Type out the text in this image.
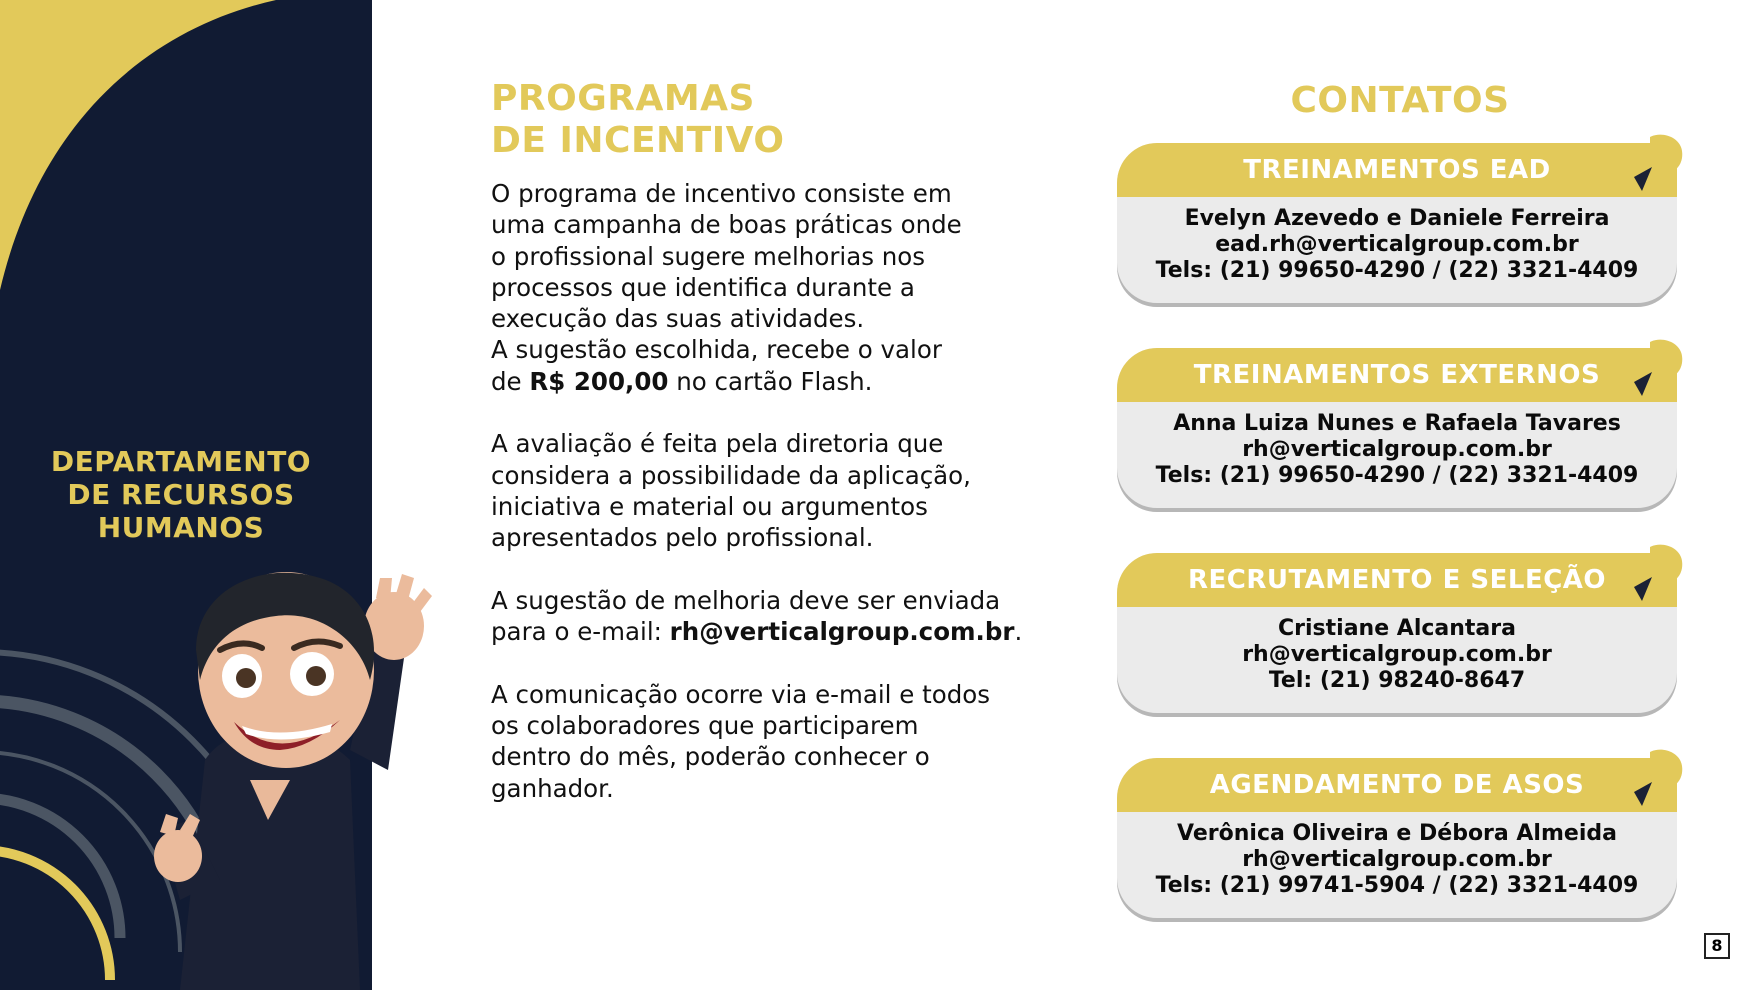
DEPARTAMENTO
DE RECURSOS
HUMANOS
PROGRAMAS
DE INCENTIVO
O programa de incentivo consiste em
uma campanha de boas práticas onde
o profissional sugere melhorias nos
processos que identifica durante a
execução das suas atividades.
A sugestão escolhida, recebe o valor
de R$ 200,00 no cartão Flash.
A avaliação é feita pela diretoria que
considera a possibilidade da aplicação,
iniciativa e material ou argumentos
apresentados pelo profissional.
A sugestão de melhoria deve ser enviada
para o e-mail: rh@verticalgroup.com.br.
A comunicação ocorre via e-mail e todos
os colaboradores que participarem
dentro do mês, poderão conhecer o
ganhador.
CONTATOS
TREINAMENTOS EAD
Evelyn Azevedo e Daniele Ferreira
ead.rh@verticalgroup.com.br
Tels: (21) 99650-4290 / (22) 3321-4409
TREINAMENTOS EXTERNOS
Anna Luiza Nunes e Rafaela Tavares
rh@verticalgroup.com.br
Tels: (21) 99650-4290 / (22) 3321-4409
RECRUTAMENTO E SELEÇÃO
Cristiane Alcantara
rh@verticalgroup.com.br
Tel: (21) 98240-8647
AGENDAMENTO DE ASOS
Verônica Oliveira e Débora Almeida
rh@verticalgroup.com.br
Tels: (21) 99741-5904 / (22) 3321-4409
8
